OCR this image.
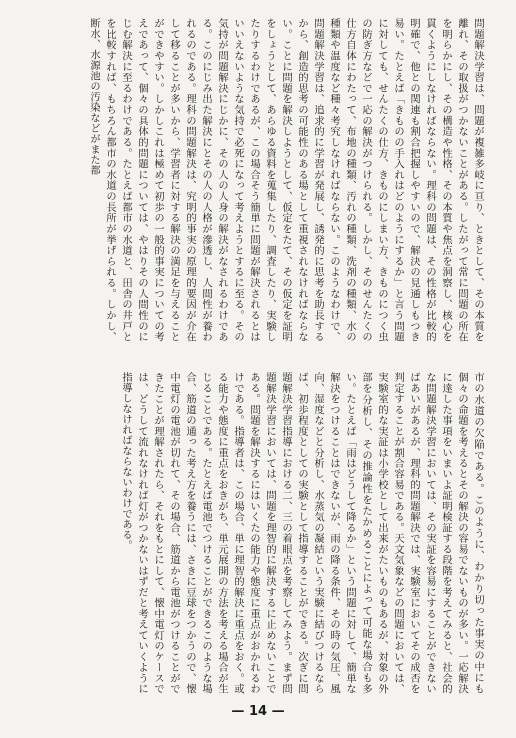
問題解決学習は、問題が複雑多岐に亘り、ときとして、その本質を離れ、その取扱がつかないことがある。したがって常に問題の所在を明らかにし、その構造や性格、その本質や焦点を洞察し、核心を貫くようにしなければならない。理科の問題は、その性格が比較的明確で、他との関連も割合把握しやすいので、解決の見通しもつき易い。たとえば「きものの手入れはどのようにするか」と言う問題に対しても、せんたくの仕方、きものにしまい方、きものにつく虫の防ぎ方などで一応の解決がつけられる。しかし、そのせんたくの仕方自体にわたって、布地の種類、汚れの種類、洗剤の種類、水の種類や温度など種々考究しなければならない。このようなわけで、問題解決学習は、追求的に学習が発展し、誘発的に思考を助長するから、創造的思考の可能性のある場として重視されなければならない。ことに問題を解決しようとして、仮定をたて、その仮定を証明をしょうとして、あらゆる資料を蒐集したり、調査したり、実験したりするわけであるが、この場合そう簡単に問題が解決されるとはいいえないような気持で必死になって考えようとするに至る。その気持が問題解決にじかに、その人の人身の解決がなされるわけである。このにじみ出た解決にとその人の人格が滲透し、人間性が養われるのである。理科の問題解決は、究明的事実の原理的要因が介在して移ることが多いから、学習者に対する解決の満足を与えることができやすい。しかしこれは極めて初歩の一般的事実についての考えであって、個々の具体的問題については、やはりその人間性のにじむ解決に至るわけである。たとえば都市の水道と、田舎の井戸とを比較すれば、もちろん都市の水道の長所が挙げられる。しかし、断水、水源池の汚染などがまた都
市の水道の欠陥である。このように、わかり切った事実の中にも個々の命題を考えるとその解決の容易でないものが多い。一応解決に達した事項をいまいよ証明検証する段階を考えてみると、社会的な問題解決学習においては、その実証を容易にすることができないばあいがあるが、理科的問題解決では、実験室においてその成否を判定することが割合容易である。天文気象などの問題においては、実験室的な実証は小学校として出来がたいものもあるが、対象の外部を分析し、その推論性をたかめることによって可能な場合も多い。たとえば「雨はどうして降るか」という問題に対して、簡単な解決をつけることはできないが、雨の降る条件、その時の気圧、風向、湿度などと分析し、水蒸気の凝結という実験に結びつけるならば、初歩程度としての実験として指導することができる。次ぎに問題解決学習指導における二、三の着眼点を考察してみよう。まず問題解決学習においては、問題を理智的に解決するに止めないことである。問題を解決するにはいくたの能力や態度に重点がおかれるわけである。指導者は、この場合、単に理智的解決に重点をおく。或る能力や態度に重点をおきがち、単元展開の方法を考える場合が生じることである。たとえば電池でつけることができるこのような場合、筋道の通った考え方を養うには、さきに豆球をつかうので、懐中電灯の電池が切れて、その場合、筋道から電池がつけることができたことが理解されたら、それをもとにして、懐中電灯のケースでは、どうして流れなければ灯がつかないはずだと考えていくように指導しなければならないわけである。
— 14 —
